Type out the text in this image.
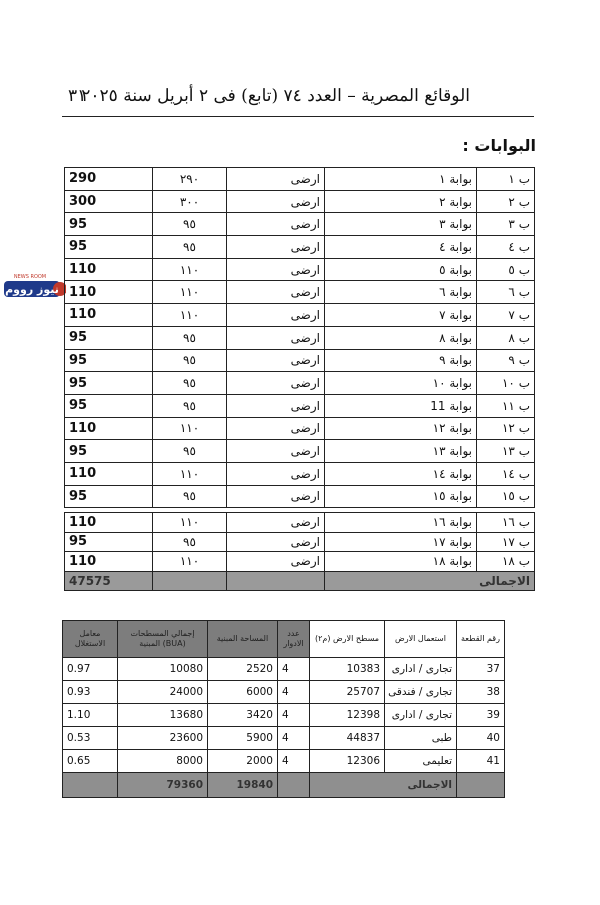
الوقائع المصرية – العدد ٧٤ (تابع) فى ٢ أبريل سنة ٢٠٢٥
٣١
البوابات :
NEWS ROOM
نيوز رووم
290	٢٩٠	ارضى	بوابة ١	ب ١
300	٣٠٠	ارضى	بوابة ٢	ب ٢
95	٩٥	ارضى	بوابة ٣	ب ٣
95	٩٥	ارضى	بوابة ٤	ب ٤
110	١١٠	ارضى	بوابة ٥	ب ٥
110	١١٠	ارضى	بوابة ٦	ب ٦
110	١١٠	ارضى	بوابة ٧	ب ٧
95	٩٥	ارضى	بوابة ٨	ب ٨
95	٩٥	ارضى	بوابة ٩	ب ٩
95	٩٥	ارضى	بوابة ١٠	ب ١٠
95	٩٥	ارضى	بوابة 11	ب ١١
110	١١٠	ارضى	بوابة ١٢	ب ١٢
95	٩٥	ارضى	بوابة ١٣	ب ١٣
110	١١٠	ارضى	بوابة ١٤	ب ١٤
95	٩٥	ارضى	بوابة ١٥	ب ١٥
110	١١٠	ارضى	بوابة ١٦	ب ١٦
95	٩٥	ارضى	بوابة ١٧	ب ١٧
110	١١٠	ارضى	بوابة ١٨	ب ١٨
47575			الاجمالى	
معامل الاستغلال	إجمالي المسطحات المبنية (BUA)	المساحة المبنية	عدد الادوار	مسطح الارض (م٢)	استعمال الارض	رقم القطعة
0.97	10080	2520	4	10383	تجارى / ادارى	37
0.93	24000	6000	4	25707	تجارى / فندقى	38
1.10	13680	3420	4	12398	تجارى / ادارى	39
0.53	23600	5900	4	44837	طبى	40
0.65	8000	2000	4	12306	تعليمى	41
	79360	19840		الاجمالى		
